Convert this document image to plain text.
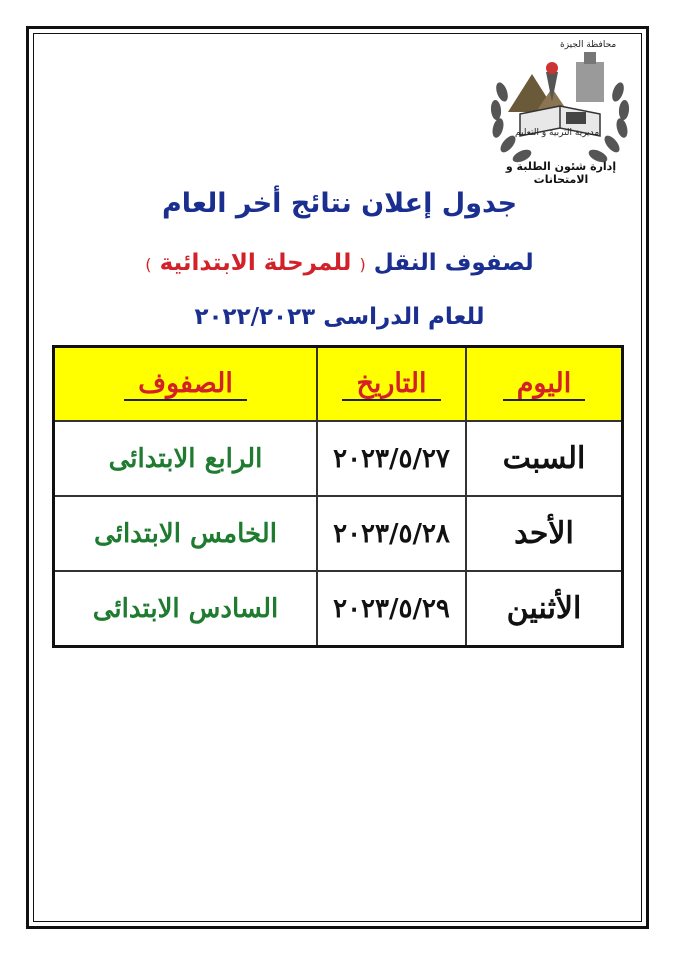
محافظة الجيزة
مديرية التربية و التعليم
إدارة شئون الطلبة و الامتحانات
جدول إعلان نتائج أخر العام
لصفوف النقل ( للمرحلة الابتدائية )
للعام الدراسى ٢٠٢٢/٢٠٢٣
اليوم	التاريخ	الصفوف
السبت	٢٠٢٣/٥/٢٧	الرابع الابتدائى
الأحد	٢٠٢٣/٥/٢٨	الخامس الابتدائى
الأثنين	٢٠٢٣/٥/٢٩	السادس الابتدائى
